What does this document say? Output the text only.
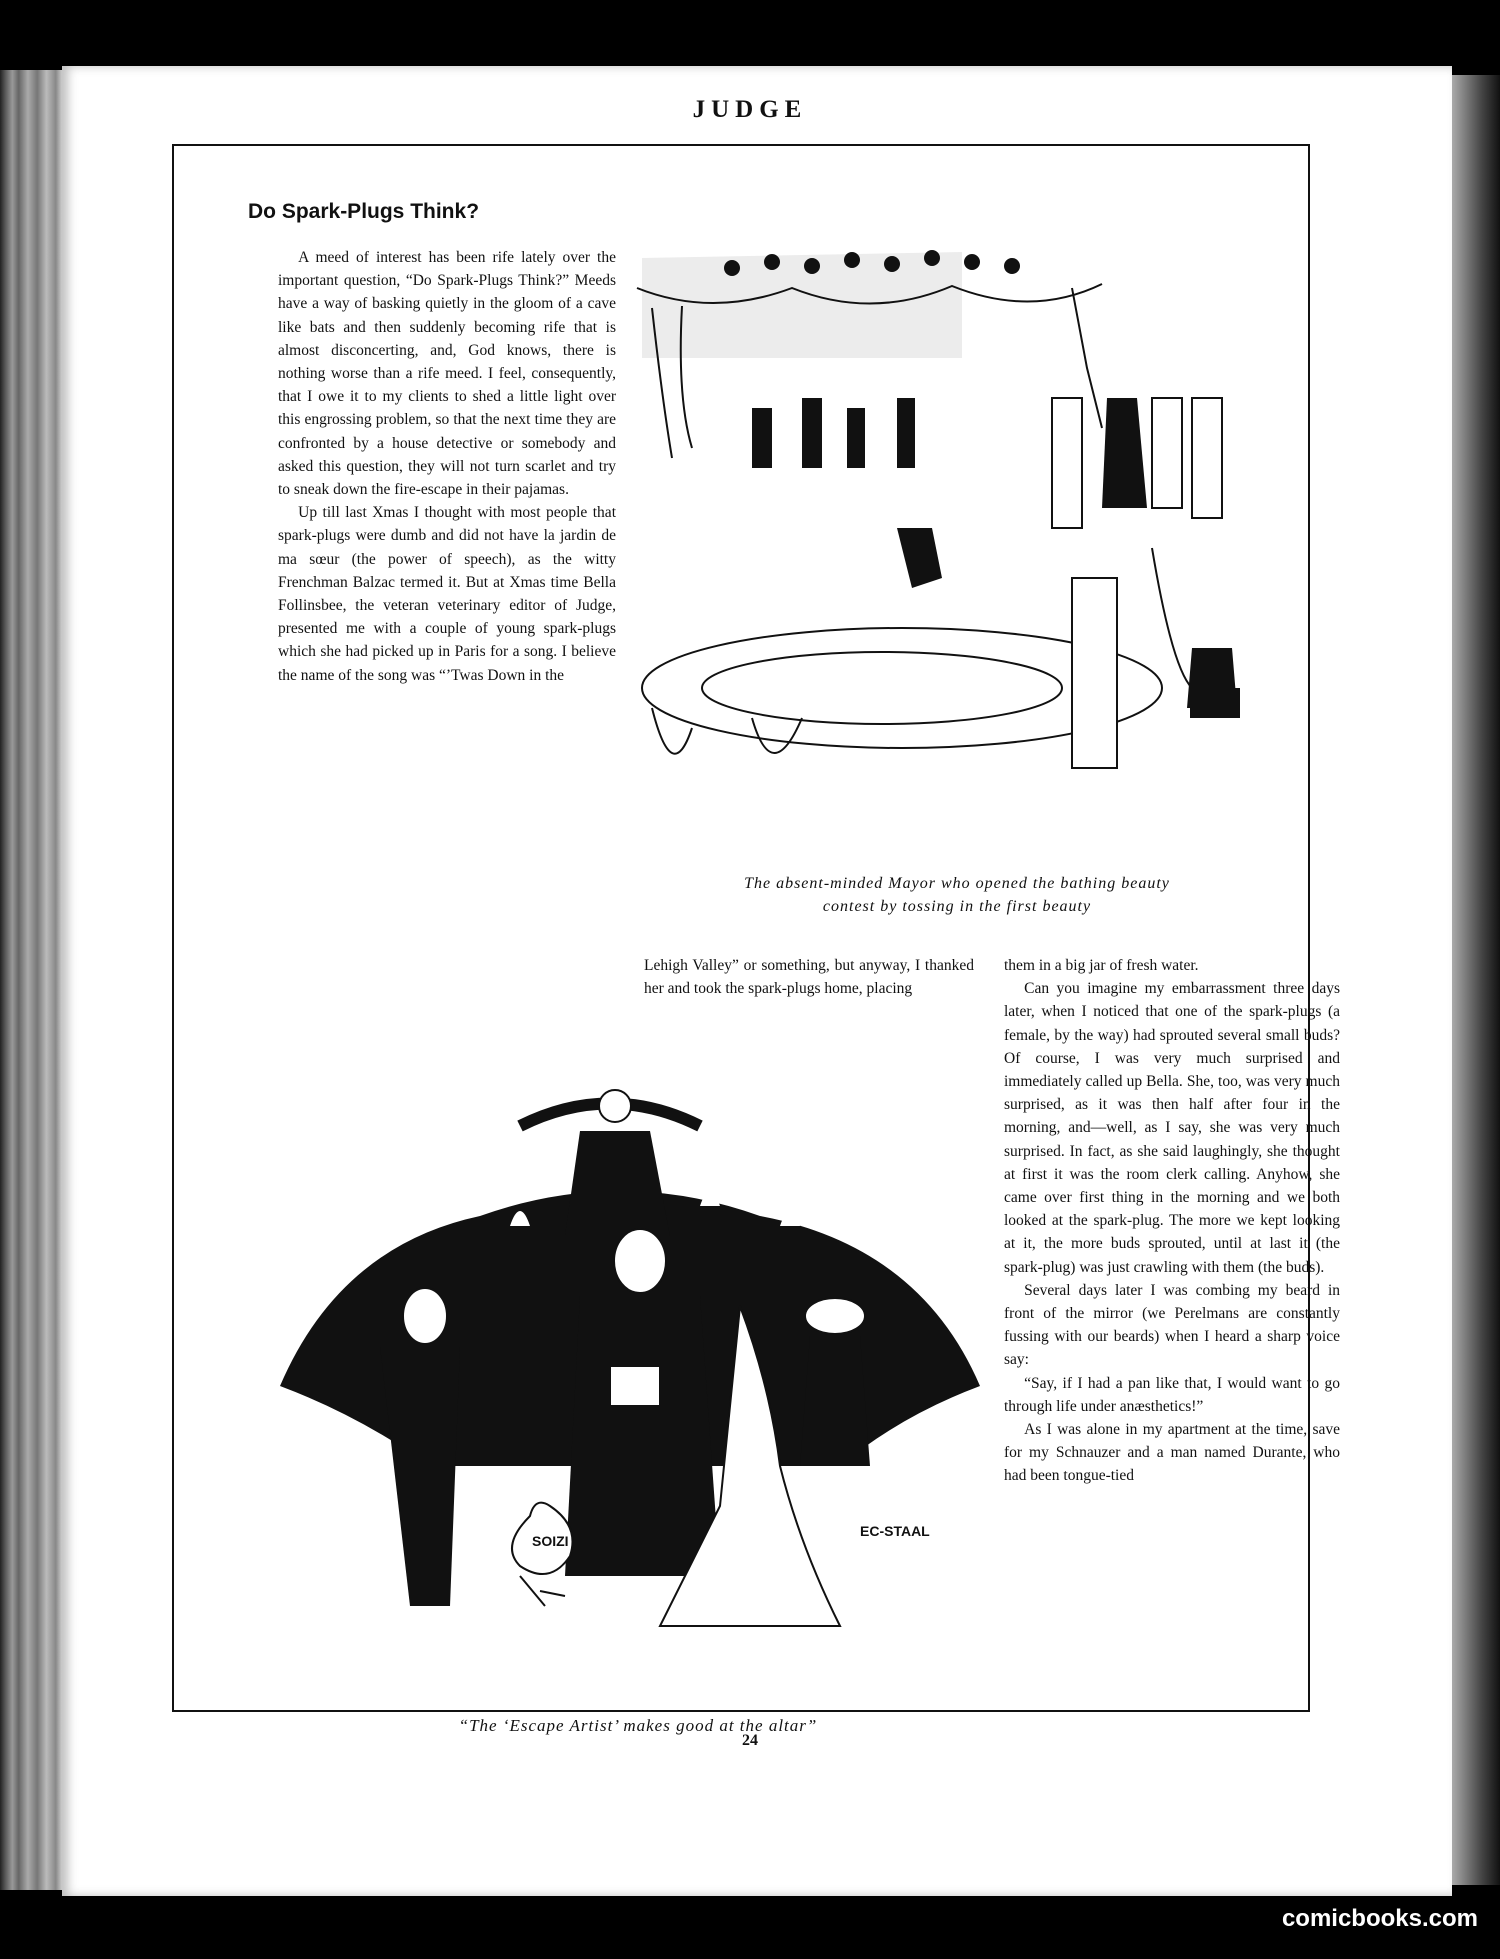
JUDGE
Do Spark-Plugs Think?

A meed of interest has been rife lately over the important question, “Do Spark-Plugs Think?” Meeds have a way of basking quietly in the gloom of a cave like bats and then suddenly becoming rife that is almost disconcerting, and, God knows, there is nothing worse than a rife meed. I feel, consequently, that I owe it to my clients to shed a little light over this engrossing problem, so that the next time they are confronted by a house detective or somebody and asked this question, they will not turn scarlet and try to sneak down the fire-escape in their pajamas.

Up till last Xmas I thought with most people that spark-plugs were dumb and did not have la jardin de ma sœur (the power of speech), as the witty Frenchman Balzac termed it. But at Xmas time Bella Follinsbee, the veteran veterinary editor of Judge, presented me with a couple of young spark-plugs which she had picked up in Paris for a song. I believe the name of the song was “’Twas Down in the

The absent-minded Mayor who opened the bathing beauty
contest by tossing in the first beauty

Lehigh Valley” or something, but anyway, I thanked her and took the spark-plugs home, placing

them in a big jar of fresh water.

Can you imagine my embarrassment three days later, when I noticed that one of the spark-plugs (a female, by the way) had sprouted several small buds? Of course, I was very much surprised and immediately called up Bella. She, too, was very much surprised, as it was then half after four in the morning, and—well, as I say, she was very much surprised. In fact, as she said laughingly, she thought at first it was the room clerk calling. Anyhow, she came over first thing in the morning and we both looked at the spark-plug. The more we kept looking at it, the more buds sprouted, until at last it (the spark-plug) was just crawling with them (the buds).

Several days later I was combing my beard in front of the mirror (we Perelmans are constantly fussing with our beards) when I heard a sharp voice say:

“Say, if I had a pan like that, I would want to go through life under anæsthetics!”

As I was alone in my apartment at the time, save for my Schnauzer and a man named Durante, who had been tongue-tied

SOIZI
EC-STAAL
“The ‘Escape Artist’ makes good at the altar”
24
comicbooks.com
